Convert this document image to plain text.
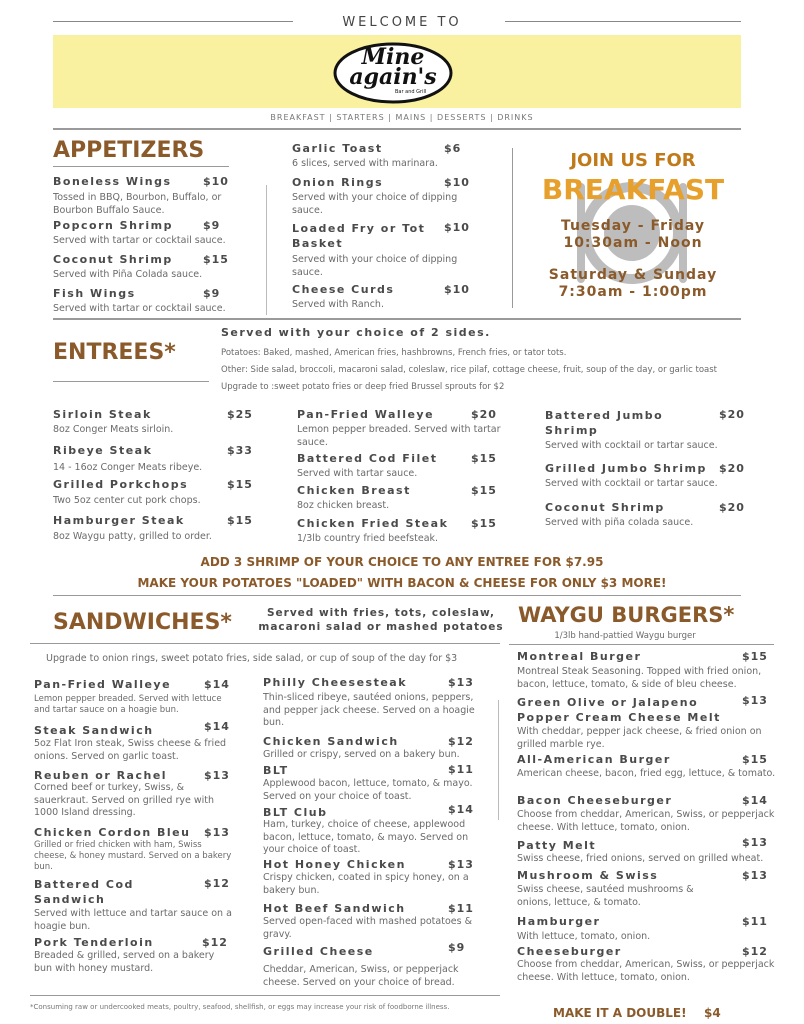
WELCOME TO
Mine
again's
Bar and Grill
BREAKFAST | STARTERS | MAINS | DESSERTS | DRINKS
APPETIZERS
Boneless Wings	$10
Tossed in BBQ, Bourbon, Buffalo, or Bourbon Buffalo Sauce.
Popcorn Shrimp	$9
Served with tartar or cocktail sauce.
Coconut Shrimp	$15
Served with Piña Colada sauce.
Fish Wings	$9
Served with tartar or cocktail sauce.
Garlic Toast	$6
6 slices, served with marinara.
Onion Rings	$10
Served with your choice of dipping sauce.
Loaded Fry or Tot Basket
$10
Served with your choice of dipping sauce.
Cheese Curds	$10
Served with Ranch.
JOIN US FOR
BREAKFAST
Tuesday - Friday
10:30am - Noon
Saturday & Sunday
7:30am - 1:00pm
ENTREES*
Served with your choice of 2 sides.
Potatoes: Baked, mashed, American fries, hashbrowns, French fries, or tator tots.
Other: Side salad, broccoli, macaroni salad, coleslaw, rice pilaf, cottage cheese, fruit, soup of the day, or garlic toast
Upgrade to :sweet potato fries or deep fried Brussel sprouts for $2
Sirloin Steak	$25
8oz Conger Meats sirloin.
Ribeye Steak	$33
14 - 16oz Conger Meats ribeye.
Grilled Porkchops	$15
Two 5oz center cut pork chops.
Hamburger Steak	$15
8oz Waygu patty, grilled to order.
Pan-Fried Walleye	$20
Lemon pepper breaded. Served with tartar sauce.
Battered Cod Filet	$15
Served with tartar sauce.
Chicken Breast	$15
8oz chicken breast.
Chicken Fried Steak	$15
1/3lb country fried beefsteak.
Battered Jumbo Shrimp
$20
Served with cocktail or tartar sauce.
Grilled Jumbo Shrimp	$20
Served with cocktail or tartar sauce.
Coconut Shrimp	$20
Served with piña colada sauce.
ADD 3 SHRIMP OF YOUR CHOICE TO ANY ENTREE FOR $7.95
MAKE YOUR POTATOES "LOADED" WITH BACON & CHEESE FOR ONLY $3 MORE!
SANDWICHES*	Served with fries, tots, coleslaw,
macaroni salad or mashed potatoes
Upgrade to onion rings, sweet potato fries, side salad, or cup of soup of the day for $3
Pan-Fried Walleye	$14
Lemon pepper breaded. Served with lettuce and tartar sauce on a hoagie bun.
Steak Sandwich	$14
5oz Flat Iron steak, Swiss cheese & fried onions. Served on garlic toast.
Reuben or Rachel	$13
Corned beef or turkey, Swiss, & sauerkraut. Served on grilled rye with 1000 Island dressing.
Chicken Cordon Bleu	$13
Grilled or fried chicken with ham, Swiss cheese, & honey mustard. Served on a bakery bun.
Battered Cod Sandwich
$12
Served with lettuce and tartar sauce on a hoagie bun.
Pork Tenderloin	$12
Breaded & grilled, served on a bakery bun with honey mustard.
Philly Cheesesteak	$13
Thin-sliced ribeye, sautéed onions, peppers, and pepper jack cheese. Served on a hoagie bun.
Chicken Sandwich	$12
Grilled or crispy, served on a bakery bun.
BLT	$11
Applewood bacon, lettuce, tomato, & mayo. Served on your choice of toast.
BLT Club	$14
Ham, turkey, choice of cheese, applewood bacon, lettuce, tomato, & mayo. Served on your choice of toast.
Hot Honey Chicken	$13
Crispy chicken, coated in spicy honey, on a bakery bun.
Hot Beef Sandwich	$11
Served open-faced with mashed potatoes & gravy.
Grilled Cheese	$9
Cheddar, American, Swiss, or pepperjack cheese. Served on your choice of bread.
*Consuming raw or undercooked meats, poultry, seafood, shellfish, or eggs may increase your risk of foodborne illness.
WAYGU BURGERS*
1/3lb hand-pattied Waygu burger
Montreal Burger	$15
Montreal Steak Seasoning. Topped with fried onion, bacon, lettuce, tomato, & side of bleu cheese.
Green Olive or Jalapeno Popper Cream Cheese Melt
$13
With cheddar, pepper jack cheese, & fried onion on grilled marble rye.
All-American Burger	$15
American cheese, bacon, fried egg, lettuce, & tomato.
Bacon Cheeseburger	$14
Choose from cheddar, American, Swiss, or pepperjack cheese. With lettuce, tomato, onion.
Patty Melt	$13
Swiss cheese, fried onions, served on grilled wheat.
Mushroom & Swiss	$13
Swiss cheese, sautéed mushrooms & onions, lettuce, & tomato.
Hamburger	$11
With lettuce, tomato, onion.
Cheeseburger	$12
Choose from cheddar, American, Swiss, or pepperjack cheese. With lettuce, tomato, onion.
MAKE IT A DOUBLE! $4
